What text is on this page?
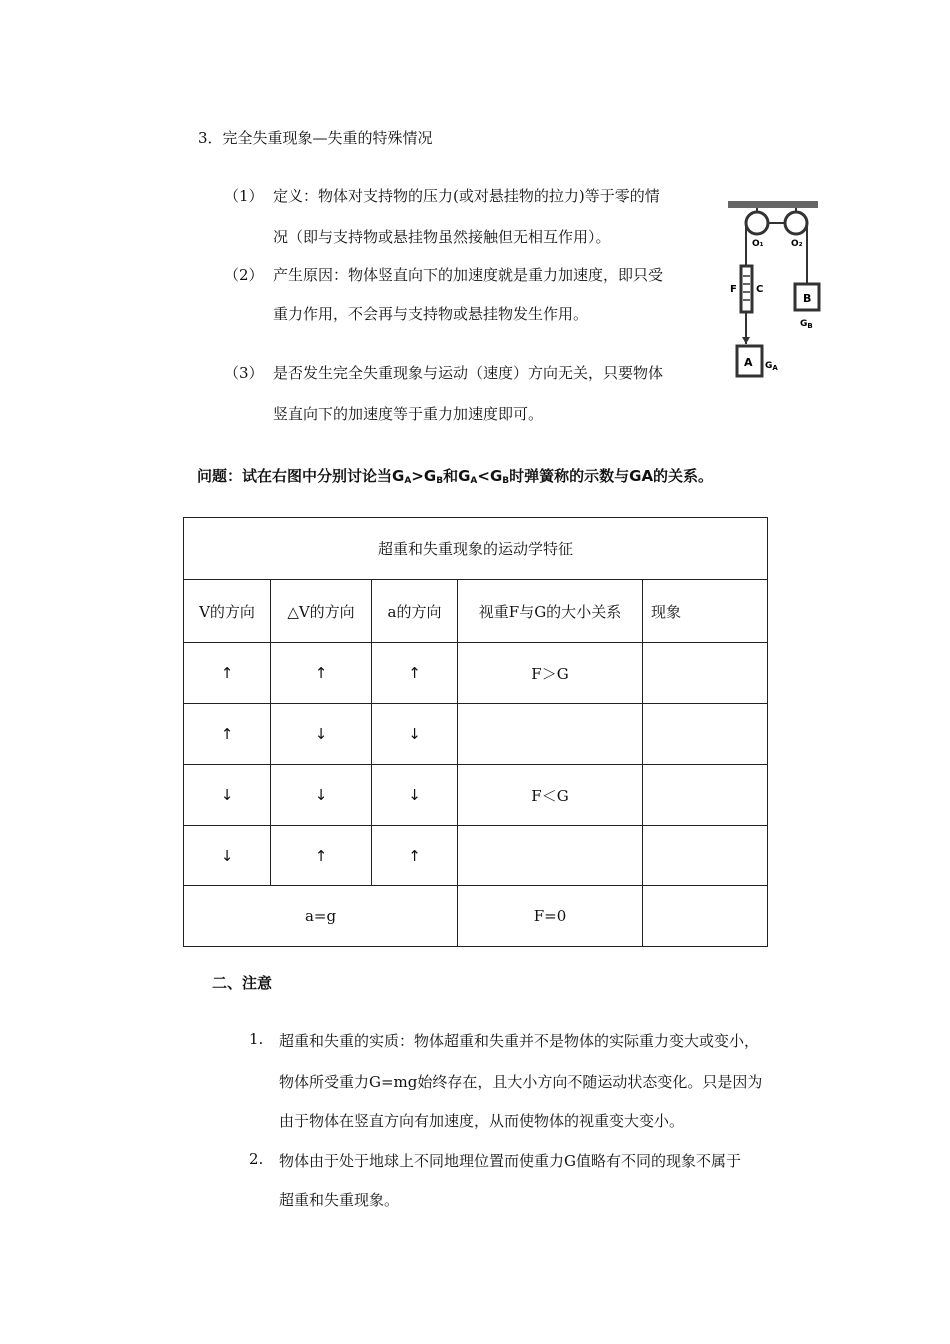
3．完全失重现象—失重的特殊情况
（1） 定义：物体对支持物的压力(或对悬挂物的拉力)等于零的情
况（即与支持物或悬挂物虽然接触但无相互作用）。
（2） 产生原因：物体竖直向下的加速度就是重力加速度，即只受
重力作用，不会再与支持物或悬挂物发生作用。
（3） 是否发生完全失重现象与运动（速度）方向无关，只要物体
竖直向下的加速度等于重力加速度即可。
O₁	O₂
F C
B
$G_B$
A $G_A$
问题：试在右图中分别讨论当$G_A>G_B$和$G_A<G_B$时弹簧称的示数与GA的关系。
超重和失重现象的运动学特征				
V的方向	△V的方向	a的方向	视重F与G的大小关系	现象
↑	↑	↑	F＞G	
↑	↓	↓		
↓	↓	↓	F＜G	
↓	↑	↑		
a=g			F=0	
二、注意
1. 超重和失重的实质：物体超重和失重并不是物体的实际重力变大或变小，
物体所受重力G=mg始终存在，且大小方向不随运动状态变化。只是因为
由于物体在竖直方向有加速度，从而使物体的视重变大变小。
2. 物体由于处于地球上不同地理位置而使重力G值略有不同的现象不属于
超重和失重现象。
